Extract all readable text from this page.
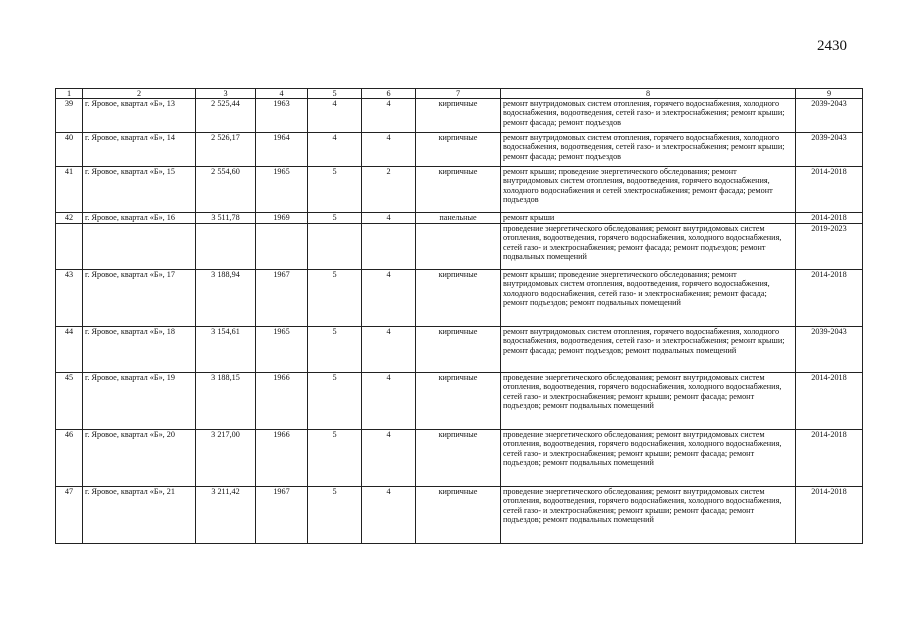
2430
1	2	3	4	5	6	7	8	9
39	г. Яровое, квартал «Б», 13	2 525,44	1963	4	4	кирпичные	ремонт внутридомовых систем отопления, горячего водоснабжения, холодного водоснабжения, водоотведения, сетей газо- и электроснабжения; ремонт крыши; ремонт фасада; ремонт подъездов	2039-2043
40	г. Яровое, квартал «Б», 14	2 526,17	1964	4	4	кирпичные	ремонт внутридомовых систем отопления, горячего водоснабжения, холодного водоснабжения, водоотведения, сетей газо- и электроснабжения; ремонт крыши; ремонт фасада; ремонт подъездов	2039-2043
41	г. Яровое, квартал «Б», 15	2 554,60	1965	5	2	кирпичные	ремонт крыши; проведение энергетического обследования; ремонт внутридомовых систем отопления, водоотведения, горячего водоснабжения, холодного водоснабжения и сетей электроснабжения; ремонт фасада; ремонт подъездов	2014-2018
42	г. Яровое, квартал «Б», 16	3 511,78	1969	5	4	панельные	ремонт крыши	2014-2018
							проведение энергетического обследования; ремонт внутридомовых систем отопления, водоотведения, горячего водоснабжения, холодного водоснабжения, сетей газо- и электроснабжения; ремонт фасада; ремонт подъездов; ремонт подвальных помещений	2019-2023
43	г. Яровое, квартал «Б», 17	3 188,94	1967	5	4	кирпичные	ремонт крыши; проведение энергетического обследования; ремонт внутридомовых систем отопления, водоотведения, горячего водоснабжения, холодного водоснабжения, сетей газо- и электроснабжения; ремонт фасада; ремонт подъездов; ремонт подвальных помещений	2014-2018
44	г. Яровое, квартал «Б», 18	3 154,61	1965	5	4	кирпичные	ремонт внутридомовых систем отопления, горячего водоснабжения, холодного водоснабжения, водоотведения, сетей газо- и электроснабжения; ремонт крыши; ремонт фасада; ремонт подъездов; ремонт подвальных помещений	2039-2043
45	г. Яровое, квартал «Б», 19	3 188,15	1966	5	4	кирпичные	проведение энергетического обследования; ремонт внутридомовых систем отопления, водоотведения, горячего водоснабжения, холодного водоснабжения, сетей газо- и электроснабжения; ремонт крыши; ремонт фасада; ремонт подъездов; ремонт подвальных помещений	2014-2018
46	г. Яровое, квартал «Б», 20	3 217,00	1966	5	4	кирпичные	проведение энергетического обследования; ремонт внутридомовых систем отопления, водоотведения, горячего водоснабжения, холодного водоснабжения, сетей газо- и электроснабжения; ремонт крыши; ремонт фасада; ремонт подъездов; ремонт подвальных помещений	2014-2018
47	г. Яровое, квартал «Б», 21	3 211,42	1967	5	4	кирпичные	проведение энергетического обследования; ремонт внутридомовых систем отопления, водоотведения, горячего водоснабжения, холодного водоснабжения, сетей газо- и электроснабжения; ремонт крыши; ремонт фасада; ремонт подъездов; ремонт подвальных помещений	2014-2018
